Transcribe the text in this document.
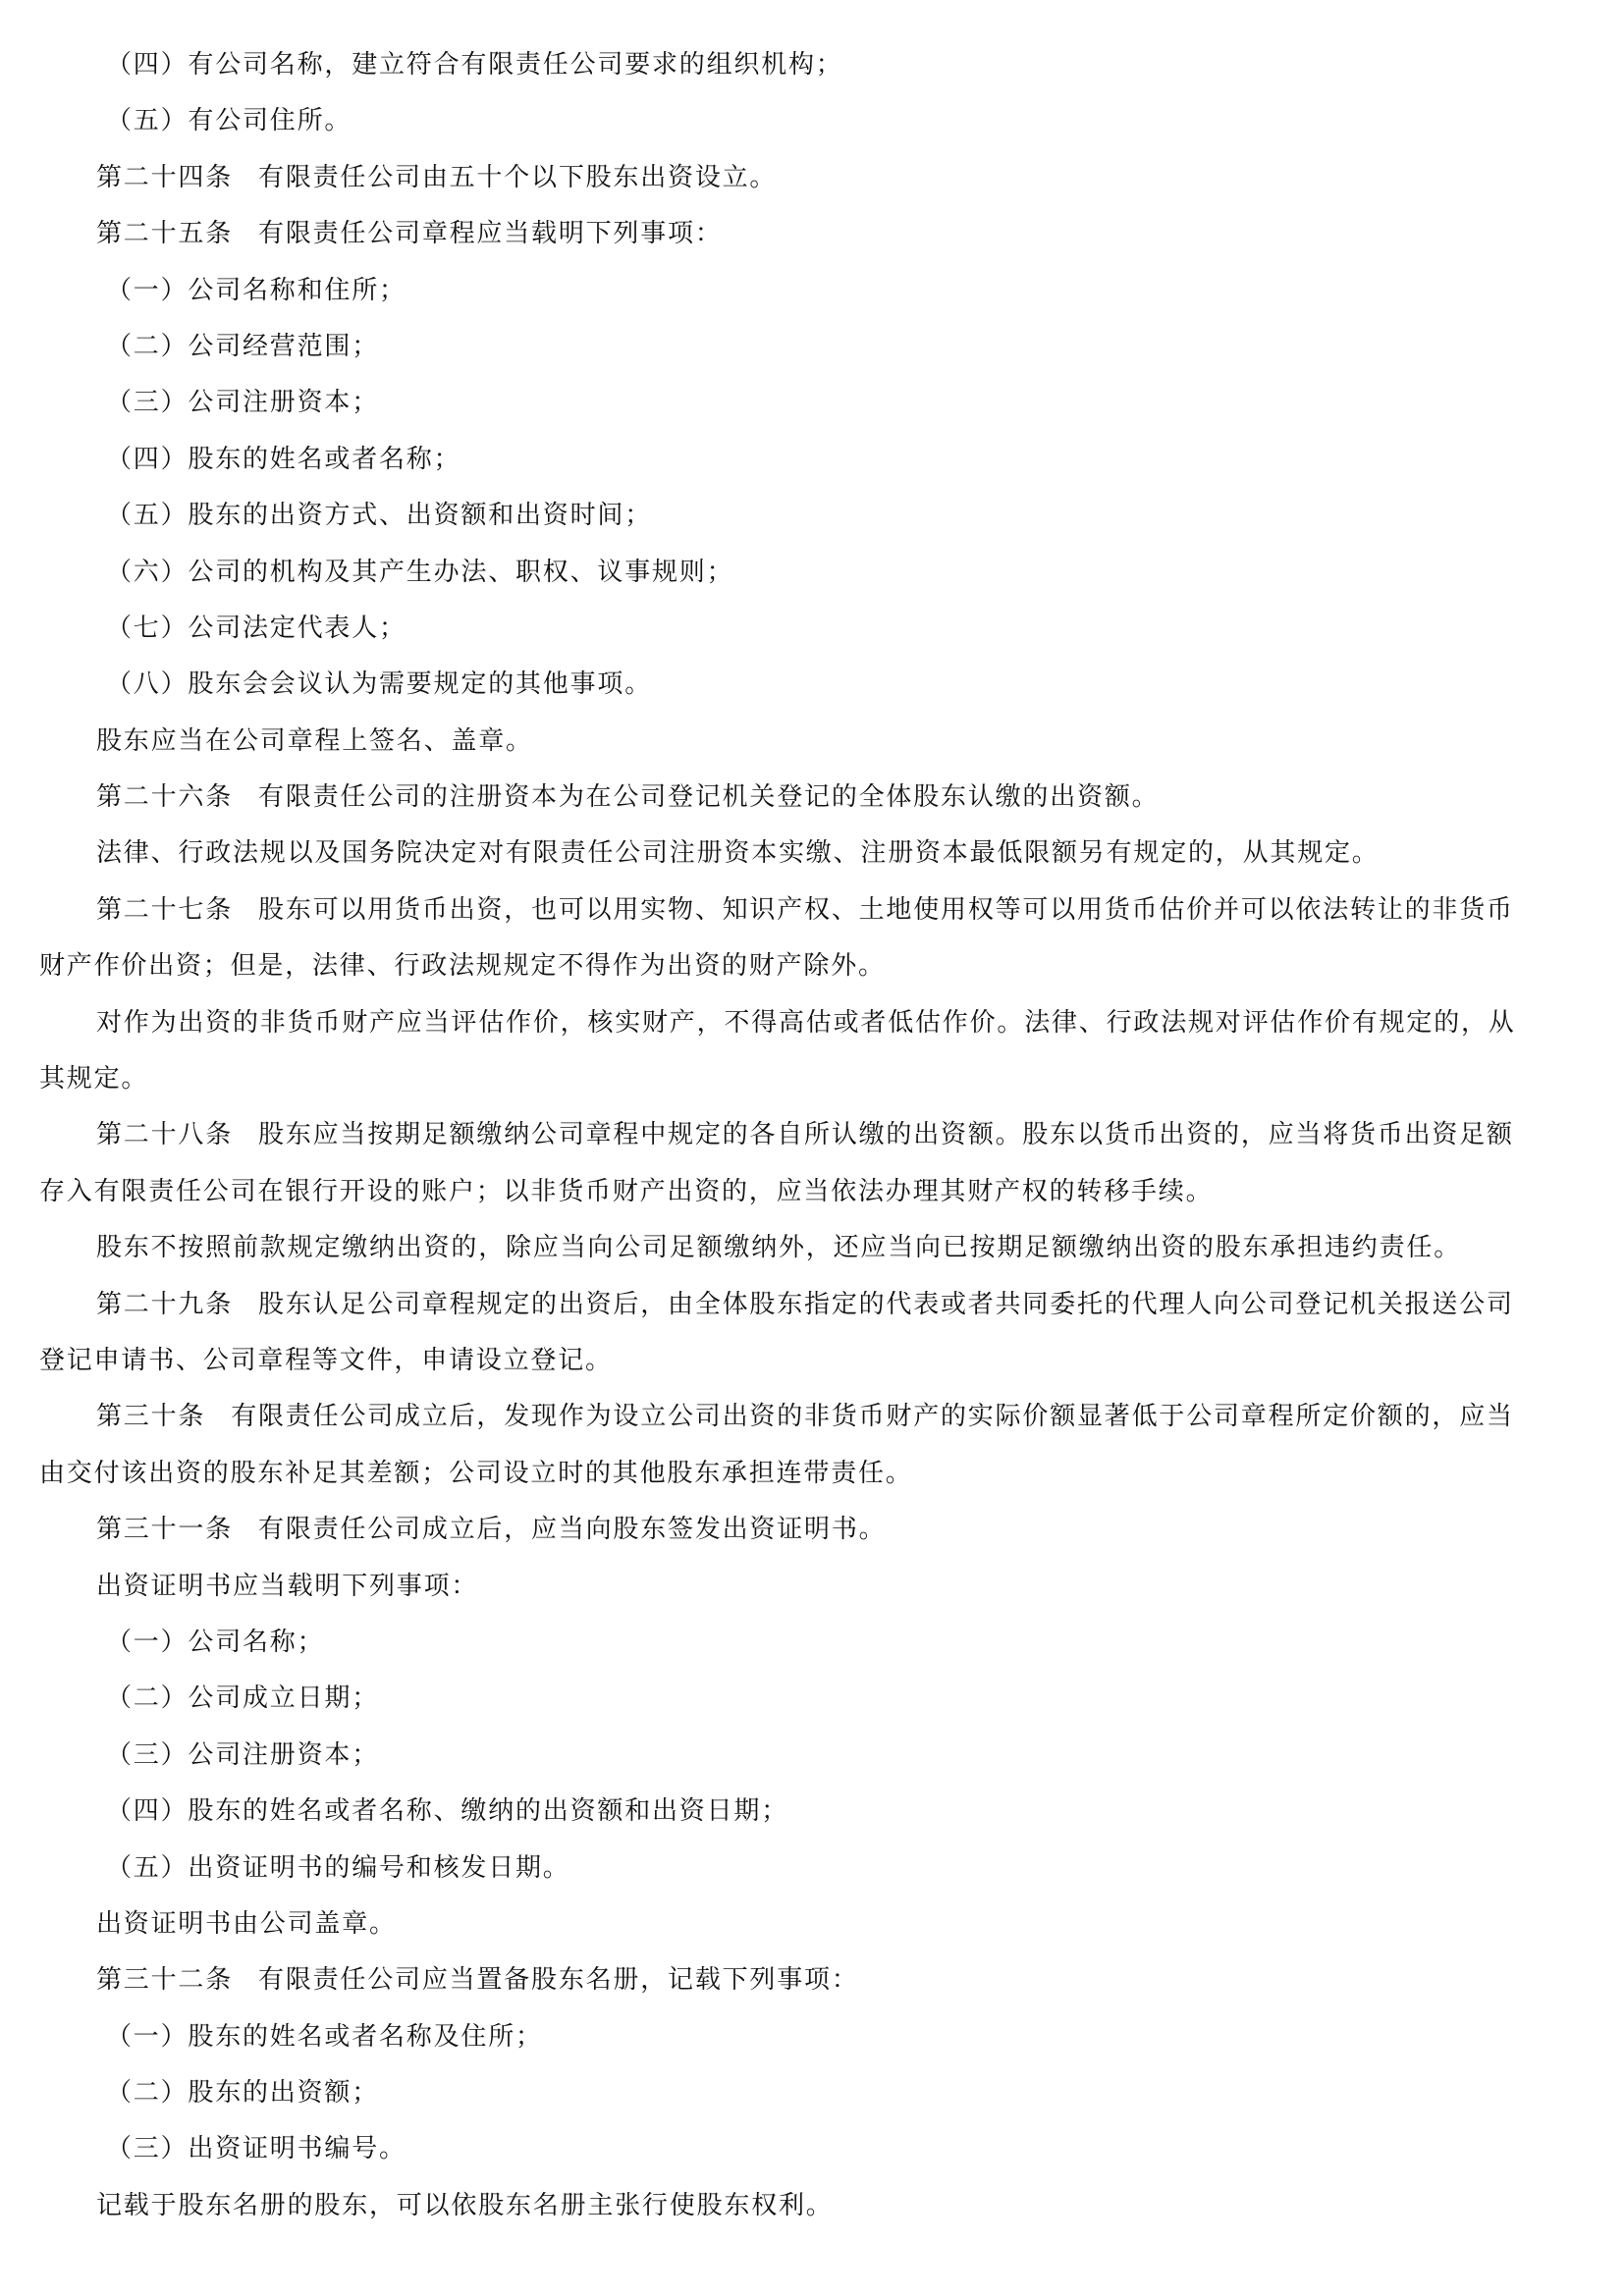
（四）有公司名称，建立符合有限责任公司要求的组织机构；

（五）有公司住所。

第二十四条 有限责任公司由五十个以下股东出资设立。

第二十五条 有限责任公司章程应当载明下列事项：

（一）公司名称和住所；

（二）公司经营范围；

（三）公司注册资本；

（四）股东的姓名或者名称；

（五）股东的出资方式、出资额和出资时间；

（六）公司的机构及其产生办法、职权、议事规则；

（七）公司法定代表人；

（八）股东会会议认为需要规定的其他事项。

股东应当在公司章程上签名、盖章。

第二十六条 有限责任公司的注册资本为在公司登记机关登记的全体股东认缴的出资额。

法律、行政法规以及国务院决定对有限责任公司注册资本实缴、注册资本最低限额另有规定的，从其规定。

第二十七条 股东可以用货币出资，也可以用实物、知识产权、土地使用权等可以用货币估价并可以依法转让的非货币

财产作价出资；但是，法律、行政法规规定不得作为出资的财产除外。

对作为出资的非货币财产应当评估作价，核实财产，不得高估或者低估作价。法律、行政法规对评估作价有规定的，从

其规定。

第二十八条 股东应当按期足额缴纳公司章程中规定的各自所认缴的出资额。股东以货币出资的，应当将货币出资足额

存入有限责任公司在银行开设的账户；以非货币财产出资的，应当依法办理其财产权的转移手续。

股东不按照前款规定缴纳出资的，除应当向公司足额缴纳外，还应当向已按期足额缴纳出资的股东承担违约责任。

第二十九条 股东认足公司章程规定的出资后，由全体股东指定的代表或者共同委托的代理人向公司登记机关报送公司

登记申请书、公司章程等文件，申请设立登记。

第三十条 有限责任公司成立后，发现作为设立公司出资的非货币财产的实际价额显著低于公司章程所定价额的，应当

由交付该出资的股东补足其差额；公司设立时的其他股东承担连带责任。

第三十一条 有限责任公司成立后，应当向股东签发出资证明书。

出资证明书应当载明下列事项：

（一）公司名称；

（二）公司成立日期；

（三）公司注册资本；

（四）股东的姓名或者名称、缴纳的出资额和出资日期；

（五）出资证明书的编号和核发日期。

出资证明书由公司盖章。

第三十二条 有限责任公司应当置备股东名册，记载下列事项：

（一）股东的姓名或者名称及住所；

（二）股东的出资额；

（三）出资证明书编号。

记载于股东名册的股东，可以依股东名册主张行使股东权利。
